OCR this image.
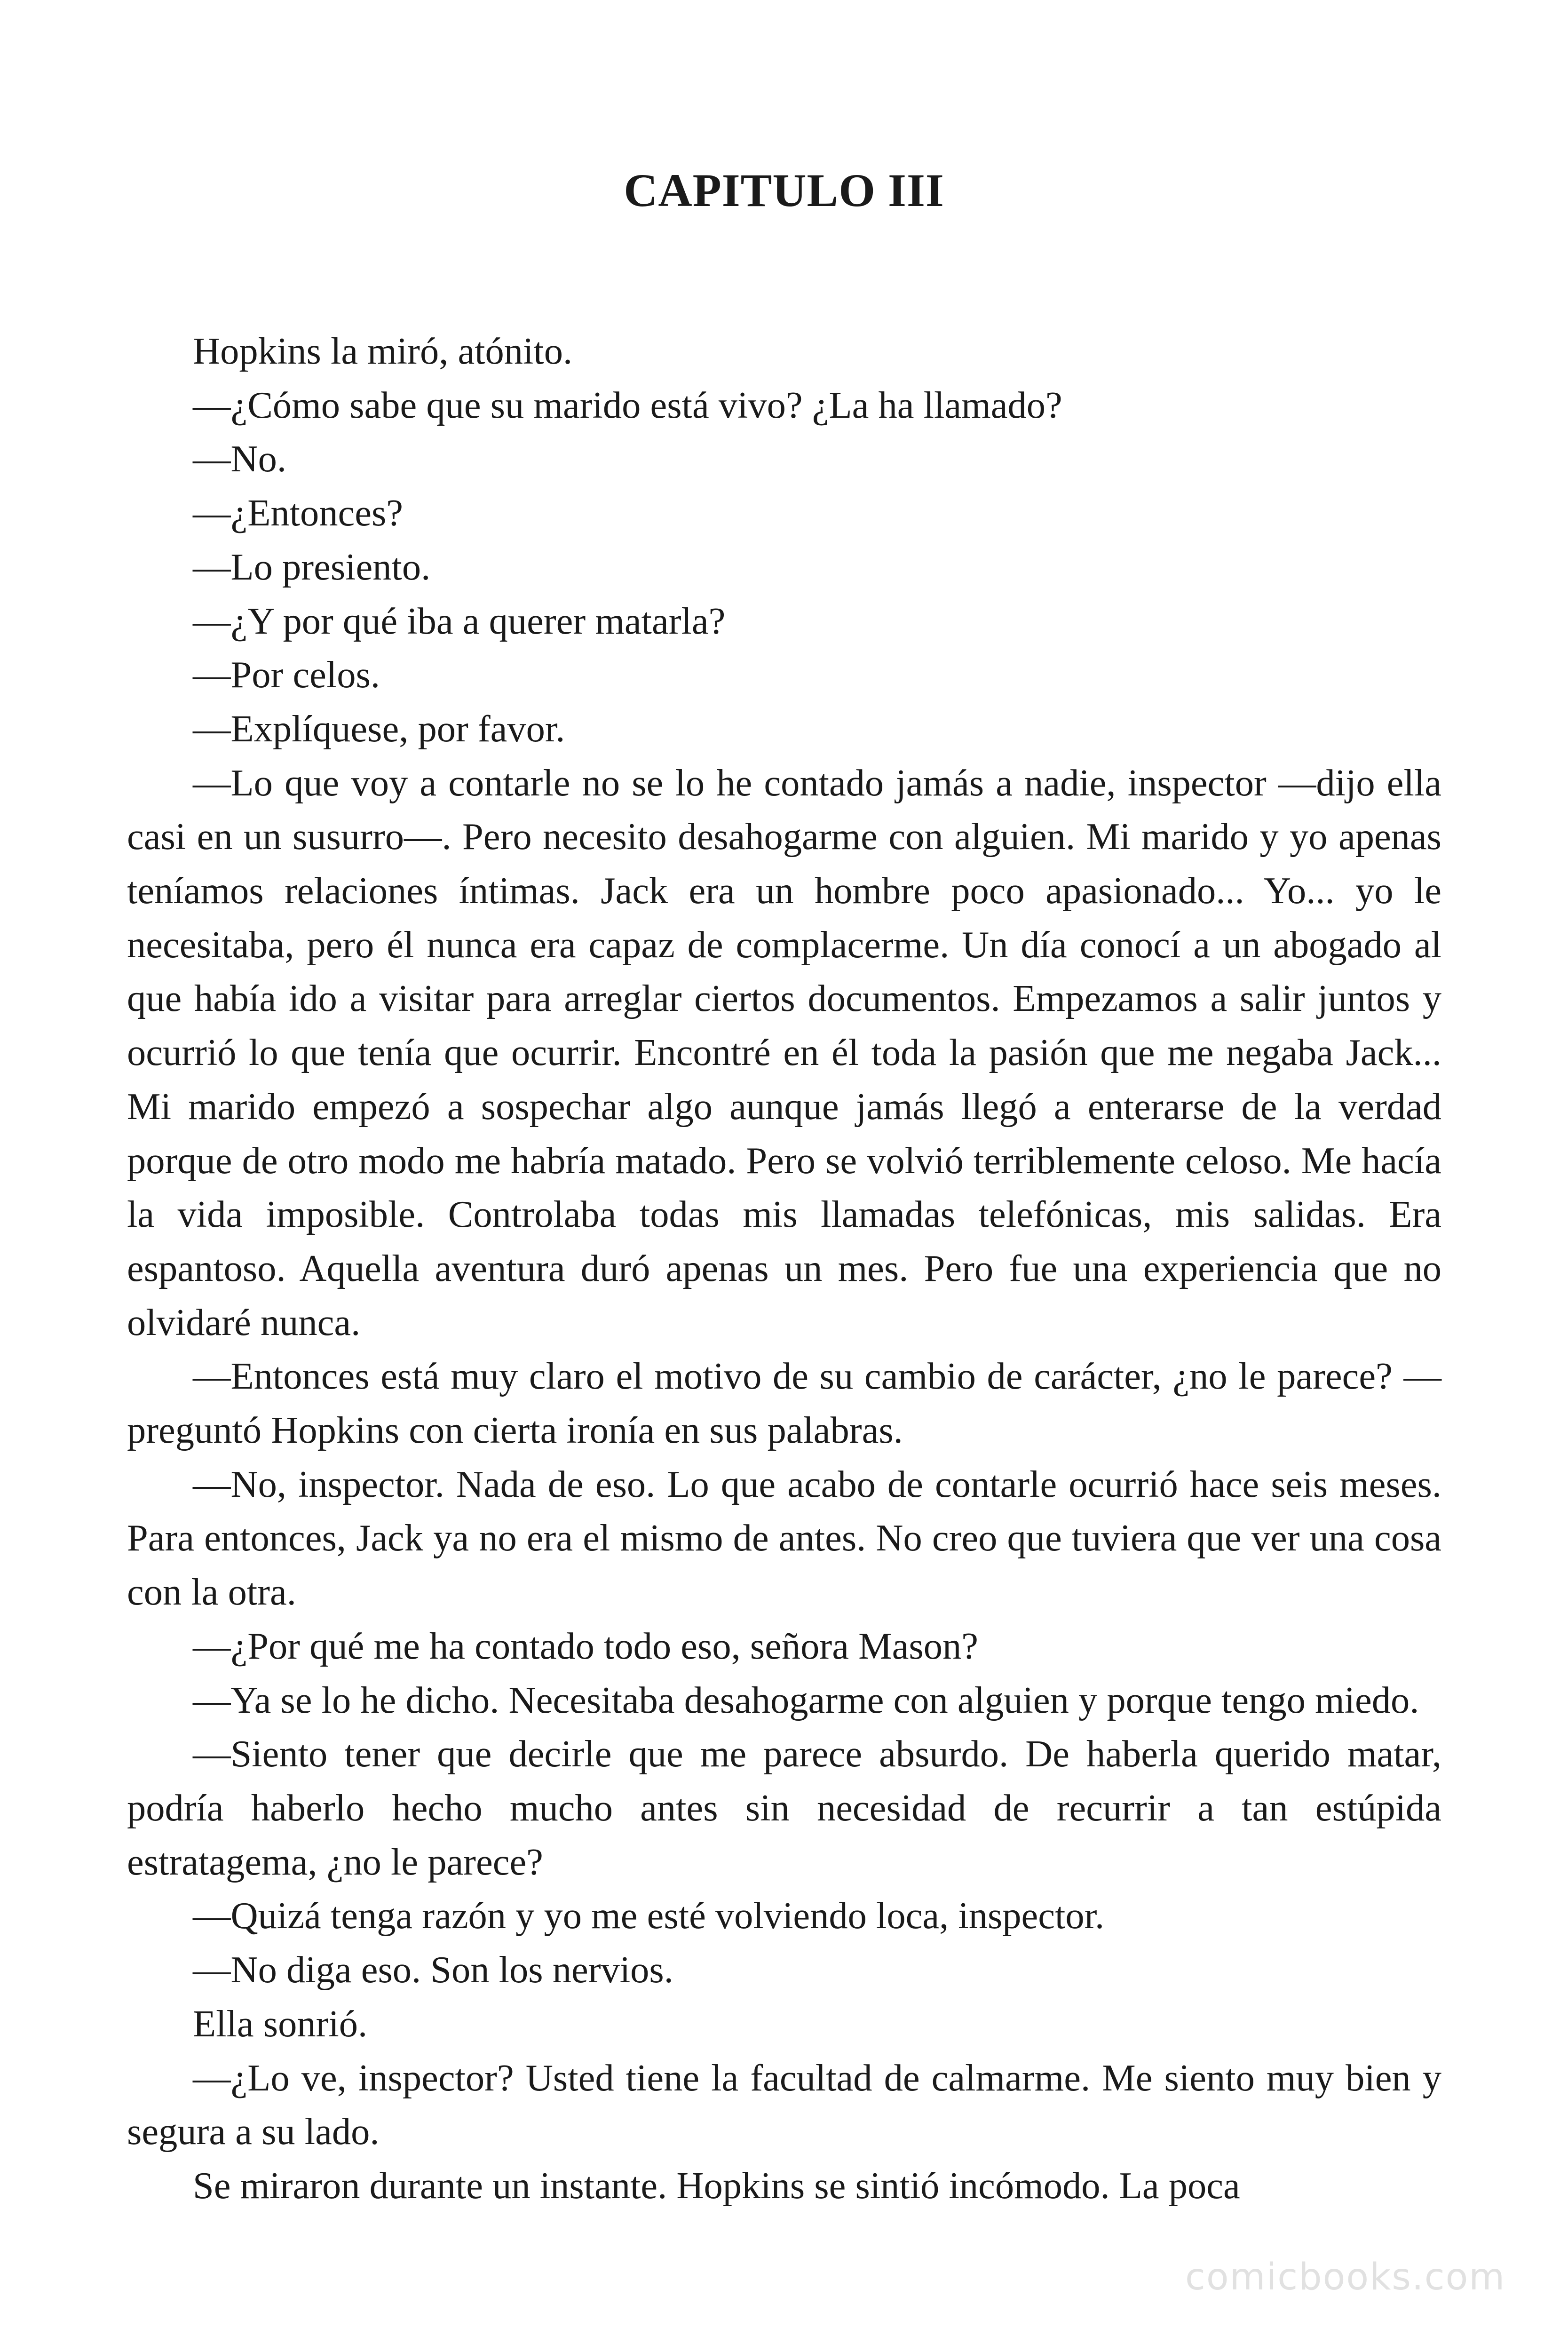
CAPITULO III

Hopkins la miró, atónito.

—¿Cómo sabe que su marido está vivo? ¿La ha llamado?

—No.

—¿Entonces?

—Lo presiento.

—¿Y por qué iba a querer matarla?

—Por celos.

—Explíquese, por favor.

—Lo que voy a contarle no se lo he contado jamás a nadie, inspector —dijo ella casi en un susurro—. Pero necesito desahogarme con alguien. Mi marido y yo apenas teníamos relaciones íntimas. Jack era un hombre poco apasionado... Yo... yo le necesitaba, pero él nunca era capaz de complacerme. Un día conocí a un abogado al que había ido a visitar para arreglar ciertos documentos. Empezamos a salir juntos y ocurrió lo que tenía que ocurrir. Encontré en él toda la pasión que me negaba Jack... Mi marido empezó a sospechar algo aunque jamás llegó a enterarse de la verdad porque de otro modo me habría matado. Pero se volvió terriblemente celoso. Me hacía la vida imposible. Controlaba todas mis llamadas telefónicas, mis salidas. Era espantoso. Aquella aventura duró apenas un mes. Pero fue una experiencia que no olvidaré nunca.

—Entonces está muy claro el motivo de su cambio de carácter, ¿no le parece? —preguntó Hopkins con cierta ironía en sus palabras.

—No, inspector. Nada de eso. Lo que acabo de contarle ocurrió hace seis meses. Para entonces, Jack ya no era el mismo de antes. No creo que tuviera que ver una cosa con la otra.

—¿Por qué me ha contado todo eso, señora Mason?

—Ya se lo he dicho. Necesitaba desahogarme con alguien y porque tengo miedo.

—Siento tener que decirle que me parece absurdo. De haberla querido matar, podría haberlo hecho mucho antes sin necesidad de recurrir a tan estúpida estratagema, ¿no le parece?

—Quizá tenga razón y yo me esté volviendo loca, inspector.

—No diga eso. Son los nervios.

Ella sonrió.

—¿Lo ve, inspector? Usted tiene la facultad de calmarme. Me siento muy bien y segura a su lado.

Se miraron durante un instante. Hopkins se sintió incómodo. La poca

comicbooks.com
